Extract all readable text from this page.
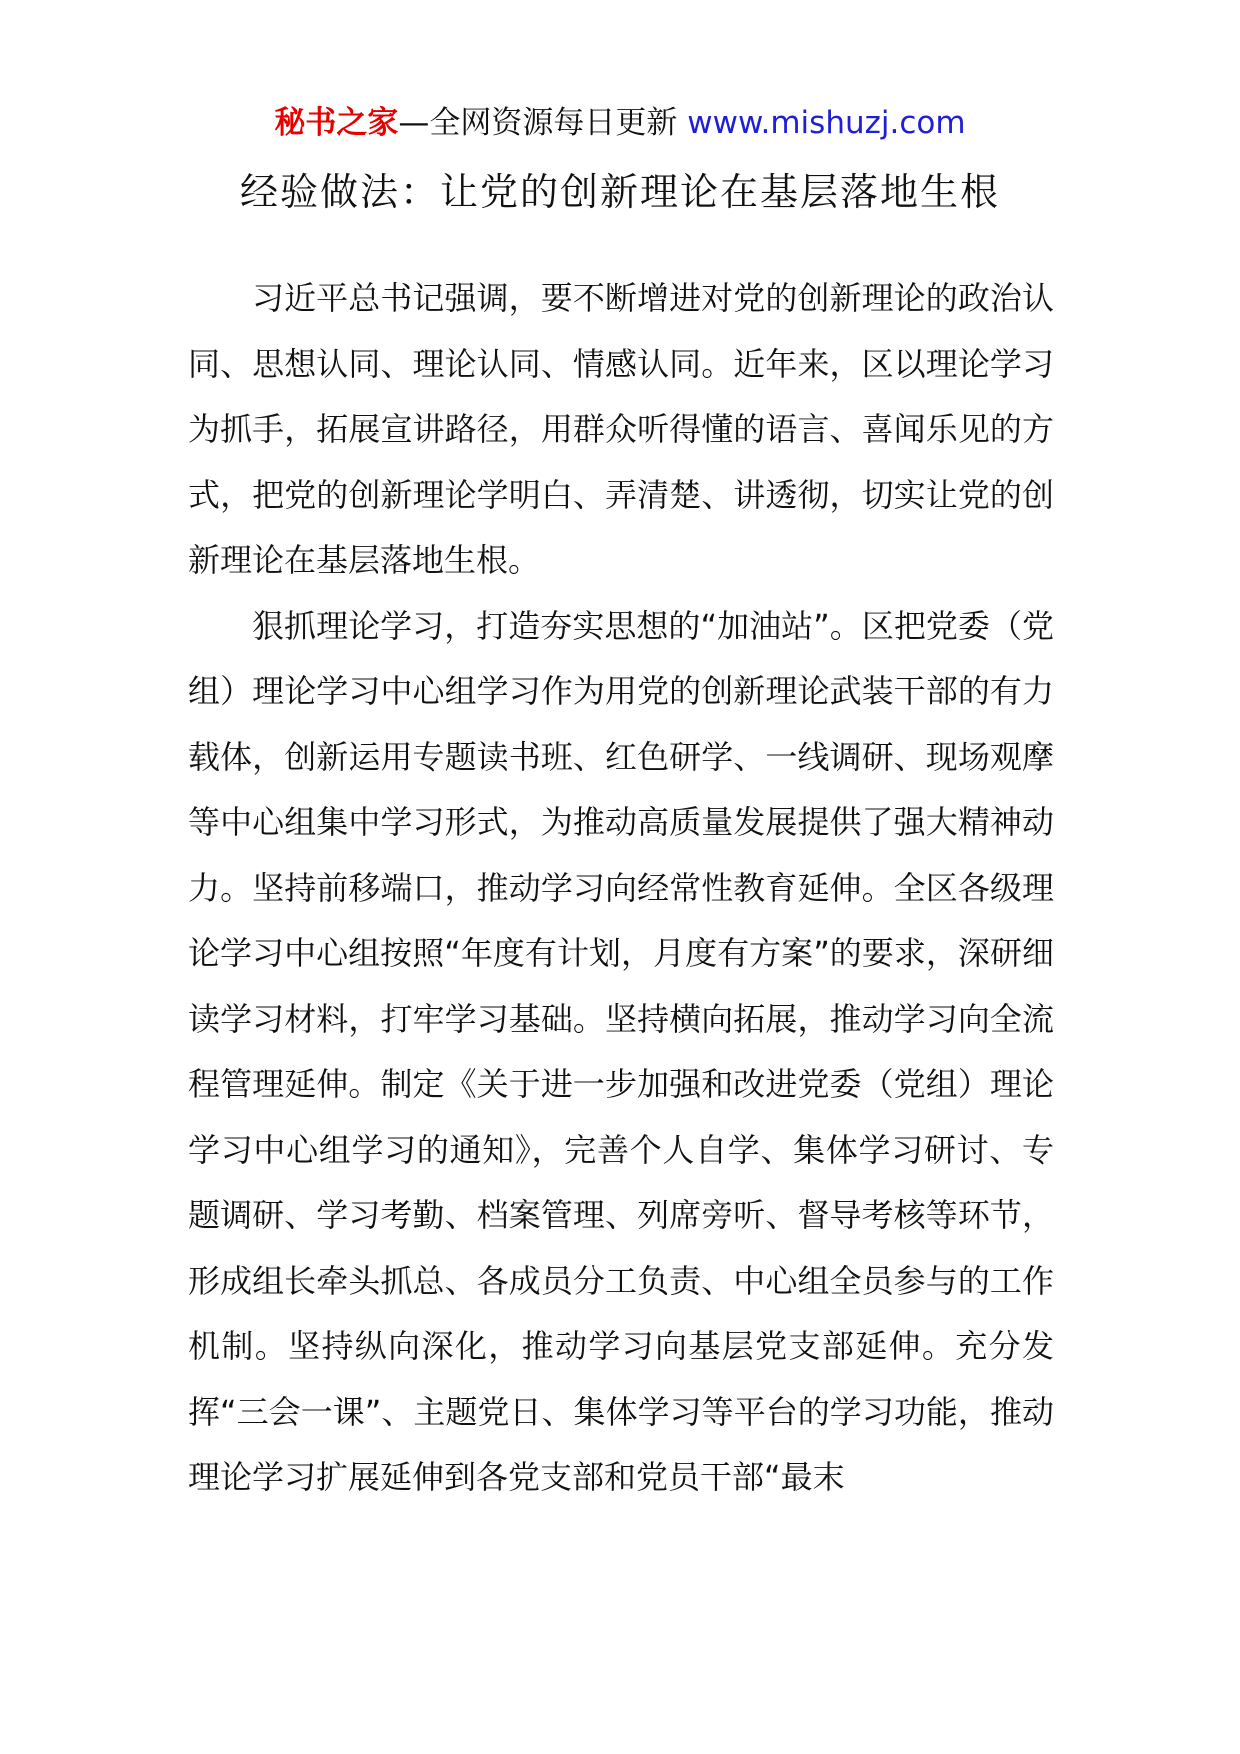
秘书之家—全网资源每日更新 www.mishuzj.com
经验做法：让党的创新理论在基层落地生根

习近平总书记强调，要不断增进对党的创新理论的政治认同、思想认同、理论认同、情感认同。近年来，区以理论学习为抓手，拓展宣讲路径，用群众听得懂的语言、喜闻乐见的方式，把党的创新理论学明白、弄清楚、讲透彻，切实让党的创新理论在基层落地生根。

狠抓理论学习，打造夯实思想的“加油站”。区把党委（党组）理论学习中心组学习作为用党的创新理论武装干部的有力载体，创新运用专题读书班、红色研学、一线调研、现场观摩等中心组集中学习形式，为推动高质量发展提供了强大精神动力。坚持前移端口，推动学习向经常性教育延伸。全区各级理论学习中心组按照“年度有计划，月度有方案”的要求，深研细读学习材料，打牢学习基础。坚持横向拓展，推动学习向全流程管理延伸。制定《关于进一步加强和改进党委（党组）理论学习中心组学习的通知》，完善个人自学、集体学习研讨、专题调研、学习考勤、档案管理、列席旁听、督导考核等环节，形成组长牵头抓总、各成员分工负责、中心组全员参与的工作机制。坚持纵向深化，推动学习向基层党支部延伸。充分发挥“三会一课”、主题党日、集体学习等平台的学习功能，推动理论学习扩展延伸到各党支部和党员干部“最末
